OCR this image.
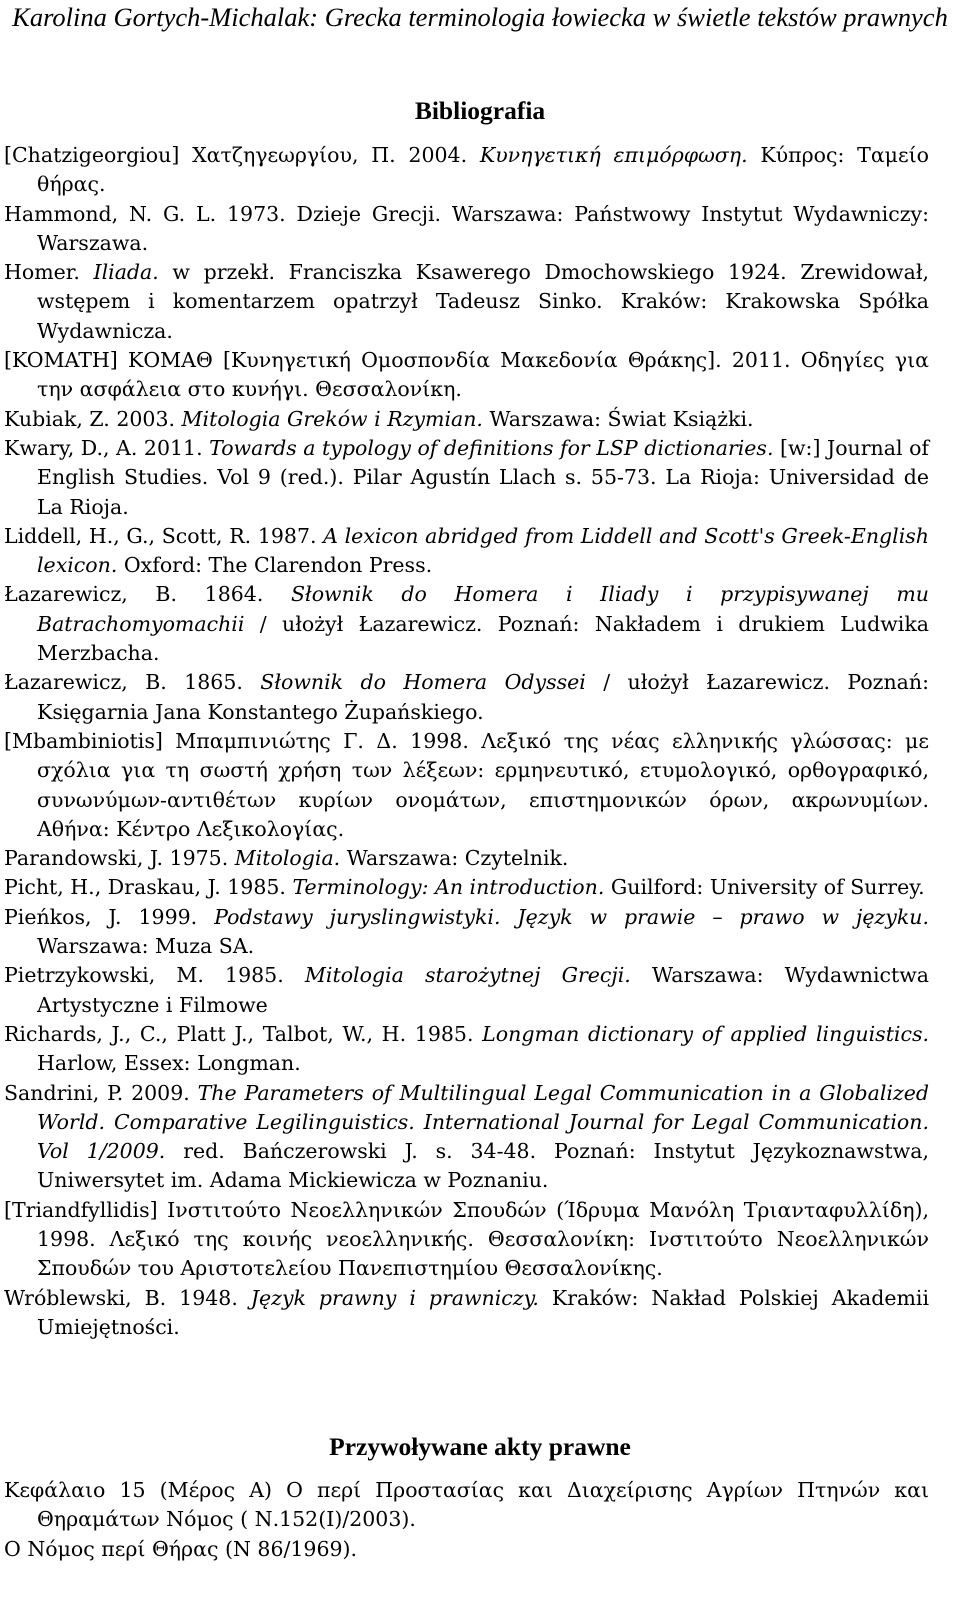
Karolina Gortych-Michalak: Grecka terminologia łowiecka w świetle tekstów prawnych
Bibliografia

[Chatzigeorgiou] Χατζηγεωργίου, Π. 2004. Κυνηγετική επιμόρφωση. Κύπρος: Ταμείο θήρας.

Hammond, N. G. L. 1973. Dzieje Grecji. Warszawa: Państwowy Instytut Wydawniczy: Warszawa.

Homer. Iliada. w przekł. Franciszka Ksawerego Dmochowskiego 1924. Zrewidował, wstępem i komentarzem opatrzył Tadeusz Sinko. Kraków: Krakowska Spółka Wydawnicza.

[KOMATH] ΚΟΜΑΘ [Κυνηγετική Ομοσπονδία Μακεδονία Θράκης]. 2011. Οδηγίες για την ασφάλεια στο κυνήγι. Θεσσαλονίκη.

Kubiak, Z. 2003. Mitologia Greków i Rzymian. Warszawa: Świat Książki.

Kwary, D., A. 2011. Towards a typology of definitions for LSP dictionaries. [w:] Journal of English Studies. Vol 9 (red.). Pilar Agustín Llach s. 55-73. La Rioja: Universidad de La Rioja.

Liddell, H., G., Scott, R. 1987. A lexicon abridged from Liddell and Scott's Greek-English lexicon. Oxford: The Clarendon Press.

Łazarewicz, B. 1864. Słownik do Homera i Iliady i przypisywanej mu Batrachomyomachii / ułożył Łazarewicz. Poznań: Nakładem i drukiem Ludwika Merzbacha.

Łazarewicz, B. 1865. Słownik do Homera Odyssei / ułożył Łazarewicz. Poznań: Księgarnia Jana Konstantego Żupańskiego.

[Mbambiniotis] Μπαμπινιώτης Γ. Δ. 1998. Λεξικό της νέας ελληνικής γλώσσας: με σχόλια για τη σωστή χρήση των λέξεων: ερμηνευτικό, ετυμολογικό, ορθογραφικό, συνωνύμων-αντιθέτων κυρίων ονομάτων, επιστημονικών όρων, ακρωνυμίων. Αθήνα: Κέντρο Λεξικολογίας.

Parandowski, J. 1975. Mitologia. Warszawa: Czytelnik.

Picht, H., Draskau, J. 1985. Terminology: An introduction. Guilford: University of Surrey.

Pieńkos, J. 1999. Podstawy juryslingwistyki. Język w prawie – prawo w języku. Warszawa: Muza SA.

Pietrzykowski, M. 1985. Mitologia starożytnej Grecji. Warszawa: Wydawnictwa Artystyczne i Filmowe

Richards, J., C., Platt J., Talbot, W., H. 1985. Longman dictionary of applied linguistics. Harlow, Essex: Longman.

Sandrini, P. 2009. The Parameters of Multilingual Legal Communication in a Globalized World. Comparative Legilinguistics. International Journal for Legal Communication. Vol 1/2009. red. Bańczerowski J. s. 34-48. Poznań: Instytut Językoznawstwa, Uniwersytet im. Adama Mickiewicza w Poznaniu.

[Triandfyllidis] Ινστιτούτο Νεοελληνικών Σπουδών (Ίδρυμα Μανόλη Τριανταφυλλίδη), 1998. Λεξικό της κοινής νεοελληνικής. Θεσσαλονίκη: Ινστιτούτο Νεοελληνικών Σπουδών του Αριστοτελείου Πανεπιστημίου Θεσσαλονίκης.

Wróblewski, B. 1948. Język prawny i prawniczy. Kraków: Nakład Polskiej Akademii Umiejętności.

Przywoływane akty prawne

Κεφάλαιο 15 (Μέρος Α) Ο περί Προστασίας και Διαχείρισης Αγρίων Πτηνών και Θηραμάτων Νόμος ( Ν.152(Ι)/2003).

Ο Νόμος περί Θήρας (Ν 86/1969).
